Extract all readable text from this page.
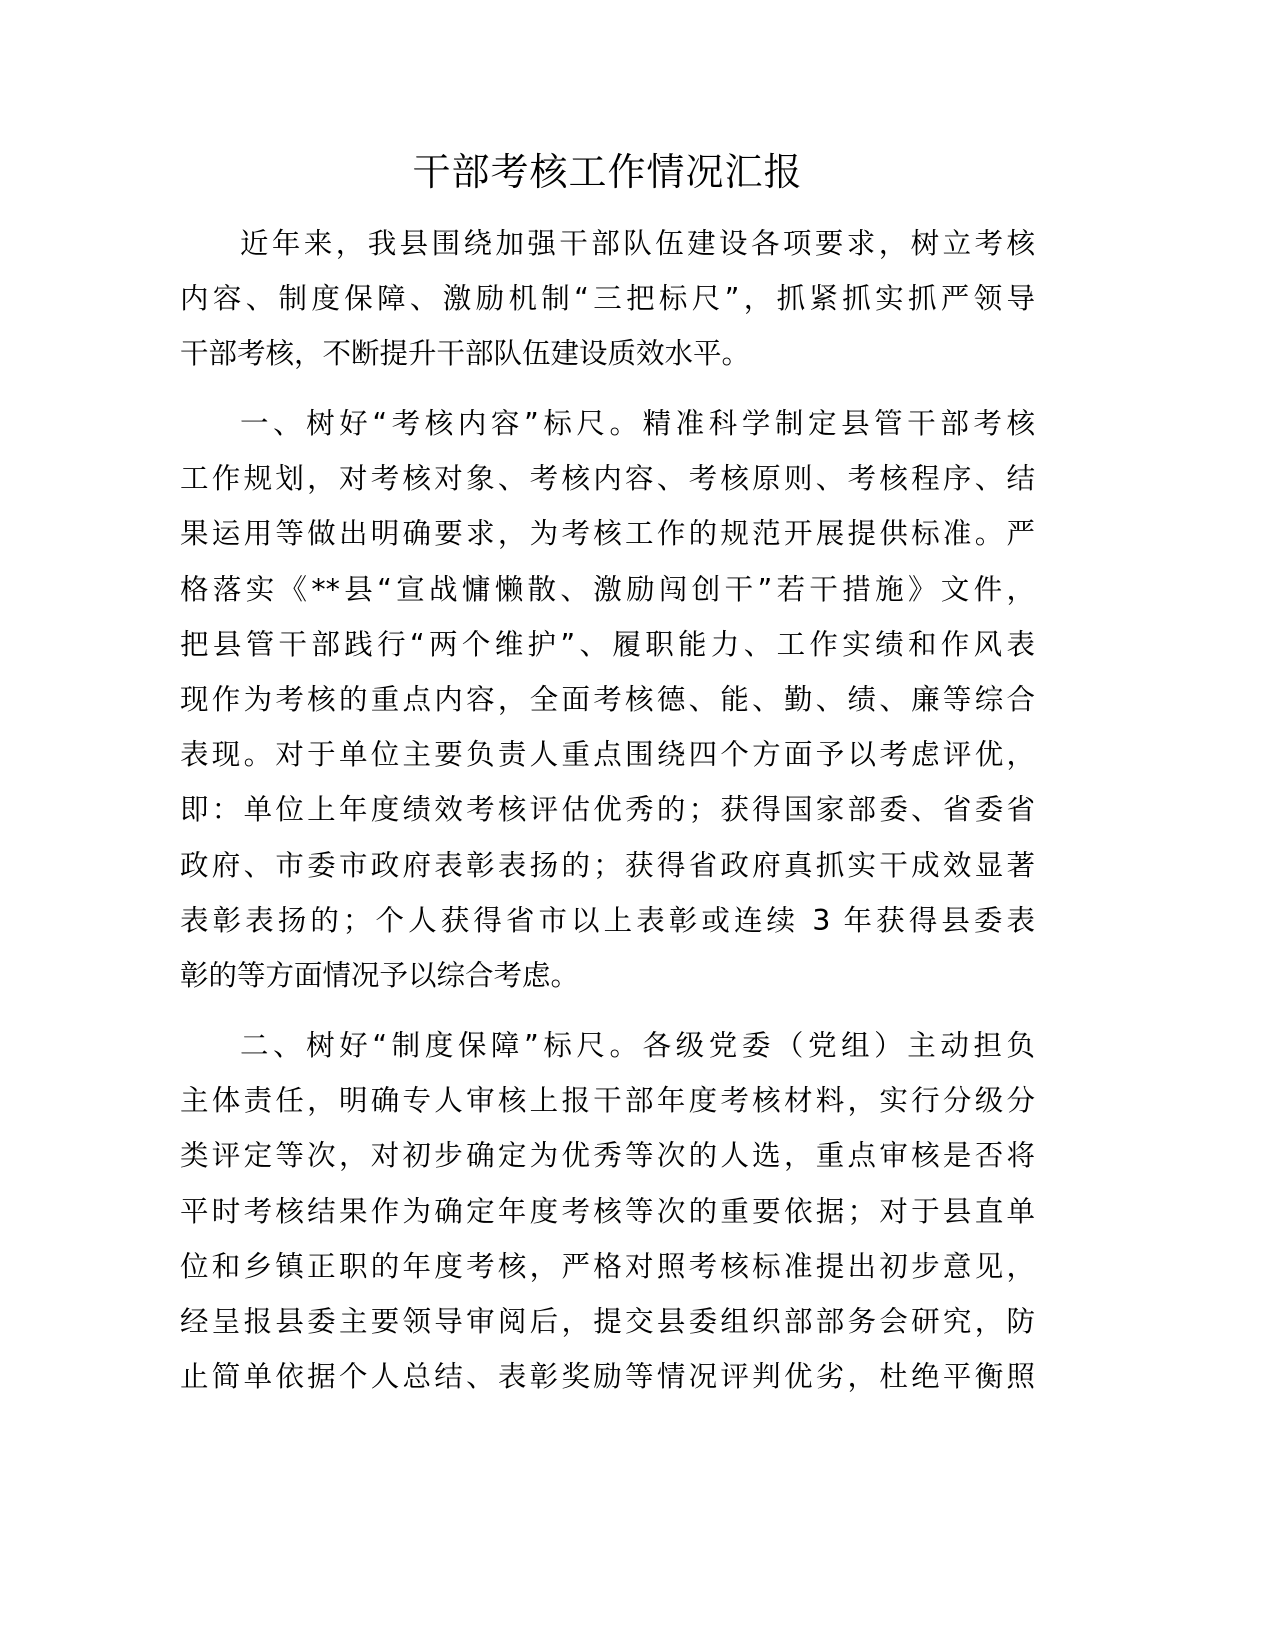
干部考核工作情况汇报
近年来，我县围绕加强干部队伍建设各项要求，树立考核
内容、制度保障、激励机制“三把标尺”，抓紧抓实抓严领导
干部考核，不断提升干部队伍建设质效水平。
一、树好“考核内容”标尺。精准科学制定县管干部考核
工作规划，对考核对象、考核内容、考核原则、考核程序、结
果运用等做出明确要求，为考核工作的规范开展提供标准。严
格落实《**县“宣战慵懒散、激励闯创干”若干措施》文件，
把县管干部践行“两个维护”、履职能力、工作实绩和作风表
现作为考核的重点内容，全面考核德、能、勤、绩、廉等综合
表现。对于单位主要负责人重点围绕四个方面予以考虑评优，
即：单位上年度绩效考核评估优秀的；获得国家部委、省委省
政府、市委市政府表彰表扬的；获得省政府真抓实干成效显著
表彰表扬的；个人获得省市以上表彰或连续 3 年获得县委表
彰的等方面情况予以综合考虑。
二、树好“制度保障”标尺。各级党委（党组）主动担负
主体责任，明确专人审核上报干部年度考核材料，实行分级分
类评定等次，对初步确定为优秀等次的人选，重点审核是否将
平时考核结果作为确定年度考核等次的重要依据；对于县直单
位和乡镇正职的年度考核，严格对照考核标准提出初步意见，
经呈报县委主要领导审阅后，提交县委组织部部务会研究，防
止简单依据个人总结、表彰奖励等情况评判优劣，杜绝平衡照
